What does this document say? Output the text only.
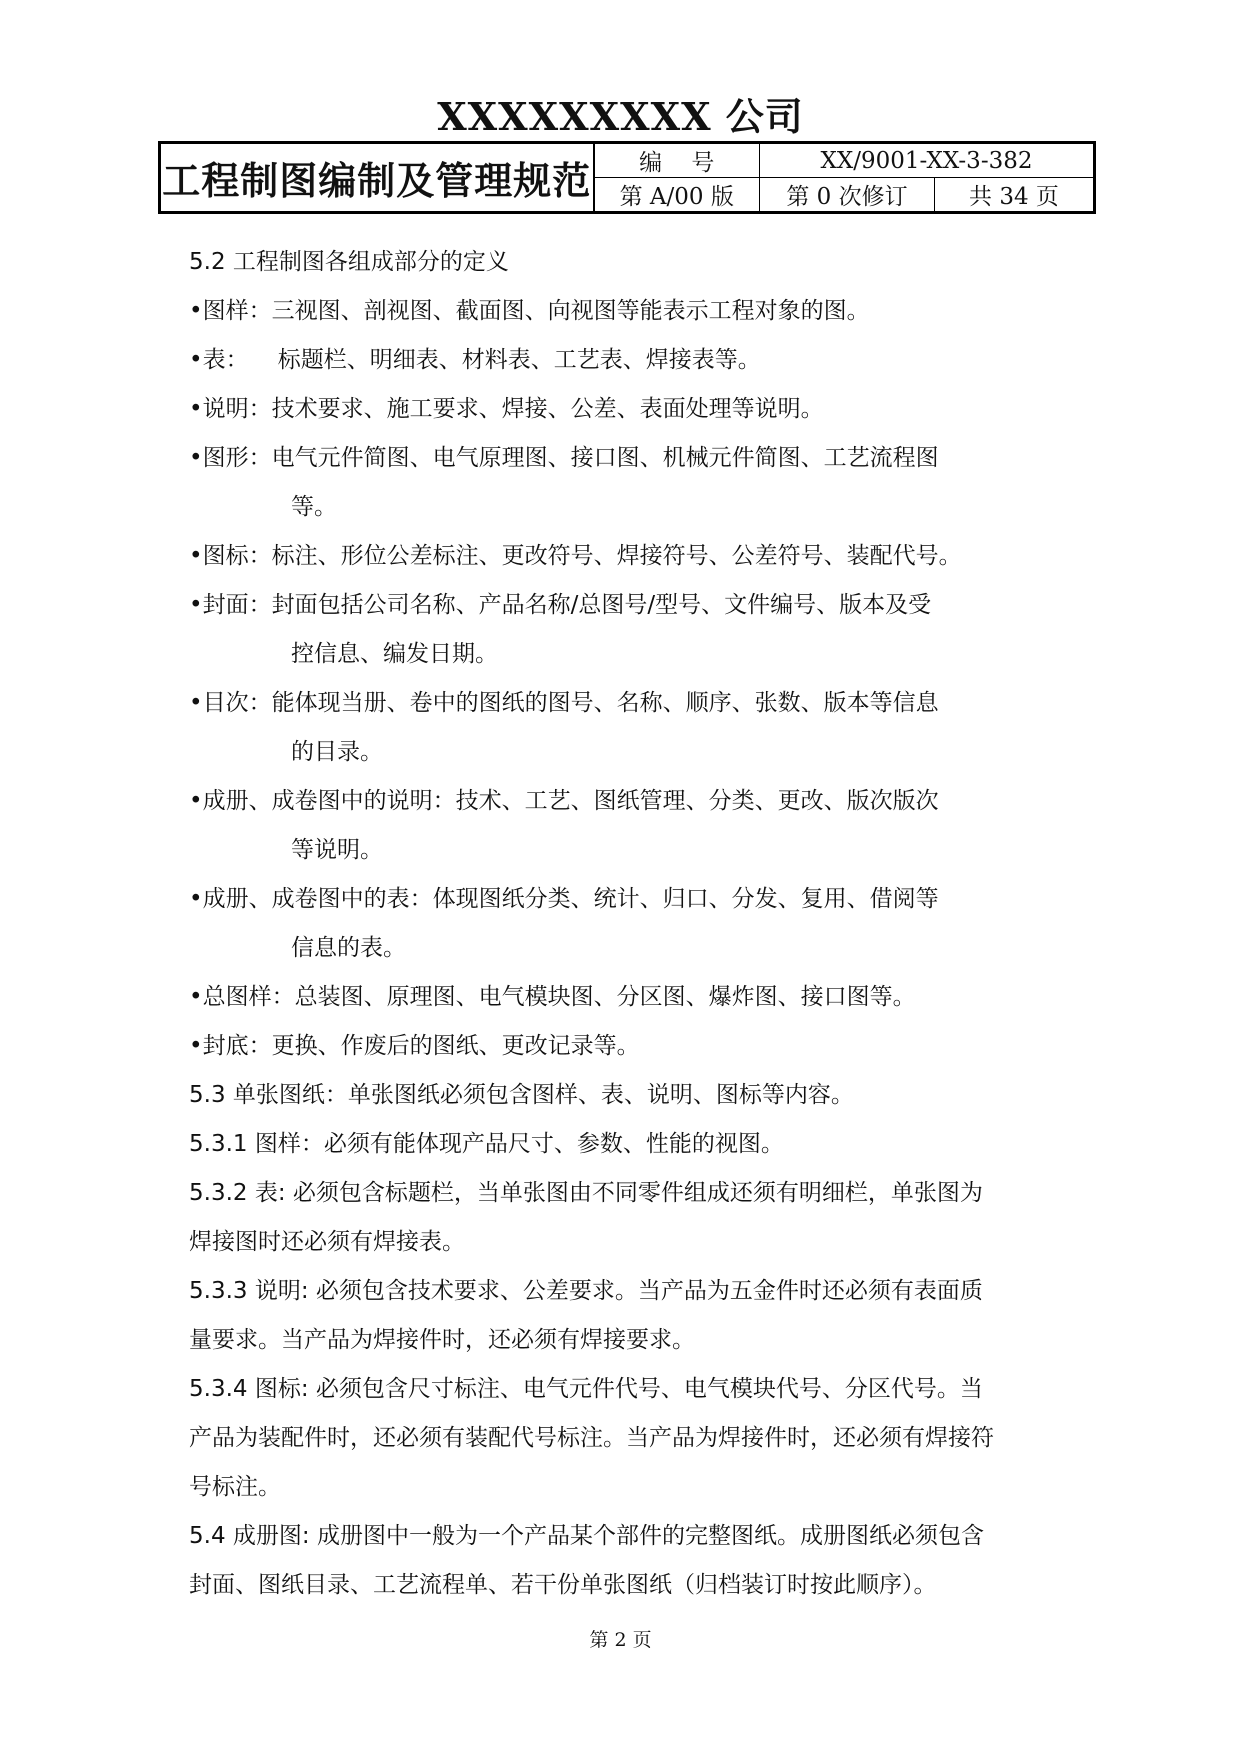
XXXXXXXXX 公司
工程制图编制及管理规范	编    号	XX/9001-XX-3-382	
	第 A/00 版	第 0 次修订	共 34 页
5.2 工程制图各组成部分的定义
•图样：三视图、剖视图、截面图、向视图等能表示工程对象的图。
•表：    标题栏、明细表、材料表、工艺表、焊接表等。
•说明：技术要求、施工要求、焊接、公差、表面处理等说明。
•图形：电气元件简图、电气原理图、接口图、机械元件简图、工艺流程图
等。
•图标：标注、形位公差标注、更改符号、焊接符号、公差符号、装配代号。
•封面：封面包括公司名称、产品名称/总图号/型号、文件编号、版本及受
控信息、编发日期。
•目次：能体现当册、卷中的图纸的图号、名称、顺序、张数、版本等信息
的目录。
•成册、成卷图中的说明：技术、工艺、图纸管理、分类、更改、版次版次
等说明。
•成册、成卷图中的表：体现图纸分类、统计、归口、分发、复用、借阅等
信息的表。
•总图样：总装图、原理图、电气模块图、分区图、爆炸图、接口图等。
•封底：更换、作废后的图纸、更改记录等。
5.3 单张图纸：单张图纸必须包含图样、表、说明、图标等内容。
5.3.1 图样：必须有能体现产品尺寸、参数、性能的视图。
5.3.2 表: 必须包含标题栏，当单张图由不同零件组成还须有明细栏，单张图为
焊接图时还必须有焊接表。
5.3.3 说明: 必须包含技术要求、公差要求。当产品为五金件时还必须有表面质
量要求。当产品为焊接件时，还必须有焊接要求。
5.3.4 图标: 必须包含尺寸标注、电气元件代号、电气模块代号、分区代号。当
产品为装配件时，还必须有装配代号标注。当产品为焊接件时，还必须有焊接符
号标注。
5.4 成册图: 成册图中一般为一个产品某个部件的完整图纸。成册图纸必须包含
封面、图纸目录、工艺流程单、若干份单张图纸（归档装订时按此顺序）。
第 2 页
